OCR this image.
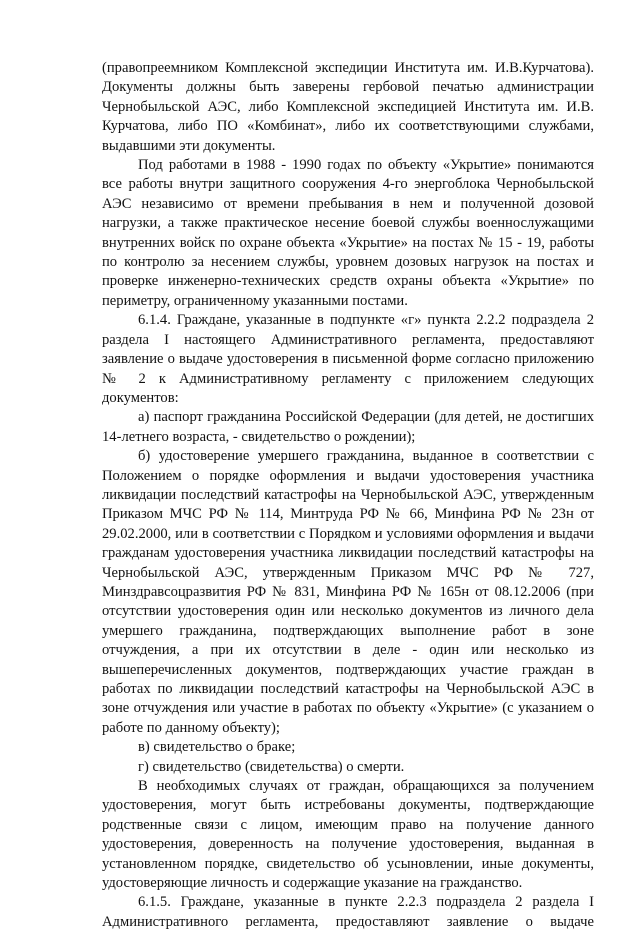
(правопреемником Комплексной экспедиции Института им. И.В.Курчатова). Документы должны быть заверены гербовой печатью администрации Чернобыльской АЭС, либо Комплексной экспедицией Института им. И.В. Курчатова, либо ПО «Комбинат», либо их соответствующими службами, выдавшими эти документы.

Под работами в 1988 - 1990 годах по объекту «Укрытие» понимаются все работы внутри защитного сооружения 4-го энергоблока Чернобыльской АЭС независимо от времени пребывания в нем и полученной дозовой нагрузки, а также практическое несение боевой службы военнослужащими внутренних войск по охране объекта «Укрытие» на постах № 15 - 19, работы по контролю за несением службы, уровнем дозовых нагрузок на постах и проверке инженерно-технических средств охраны объекта «Укрытие» по периметру, ограниченному указанными постами.

6.1.4. Граждане, указанные в подпункте «г» пункта 2.2.2 подраздела 2 раздела I настоящего Административного регламента, предоставляют заявление о выдаче удостоверения в письменной форме согласно приложению № 2 к Административному регламенту с приложением следующих документов:

а) паспорт гражданина Российской Федерации (для детей, не достигших 14-летнего возраста, - свидетельство о рождении);

б) удостоверение умершего гражданина, выданное в соответствии с Положением о порядке оформления и выдачи удостоверения участника ликвидации последствий катастрофы на Чернобыльской АЭС, утвержденным Приказом МЧС РФ № 114, Минтруда РФ № 66, Минфина РФ № 23н от 29.02.2000, или в соответствии с Порядком и условиями оформления и выдачи гражданам удостоверения участника ликвидации последствий катастрофы на Чернобыльской АЭС, утвержденным Приказом МЧС РФ № 727, Минздравсоцразвития РФ № 831, Минфина РФ № 165н от 08.12.2006 (при отсутствии удостоверения один или несколько документов из личного дела умершего гражданина, подтверждающих выполнение работ в зоне отчуждения, а при их отсутствии в деле - один или несколько из вышеперечисленных документов, подтверждающих участие граждан в работах по ликвидации последствий катастрофы на Чернобыльской АЭС в зоне отчуждения или участие в работах по объекту «Укрытие» (с указанием о работе по данному объекту);

в) свидетельство о браке;

г) свидетельство (свидетельства) о смерти.

В необходимых случаях от граждан, обращающихся за получением удостоверения, могут быть истребованы документы, подтверждающие родственные связи с лицом, имеющим право на получение данного удостоверения, доверенность на получение удостоверения, выданная в установленном порядке, свидетельство об усыновлении, иные документы, удостоверяющие личность и содержащие указание на гражданство.

6.1.5. Граждане, указанные в пункте 2.2.3 подраздела 2 раздела I Административного регламента, предоставляют заявление о выдаче
